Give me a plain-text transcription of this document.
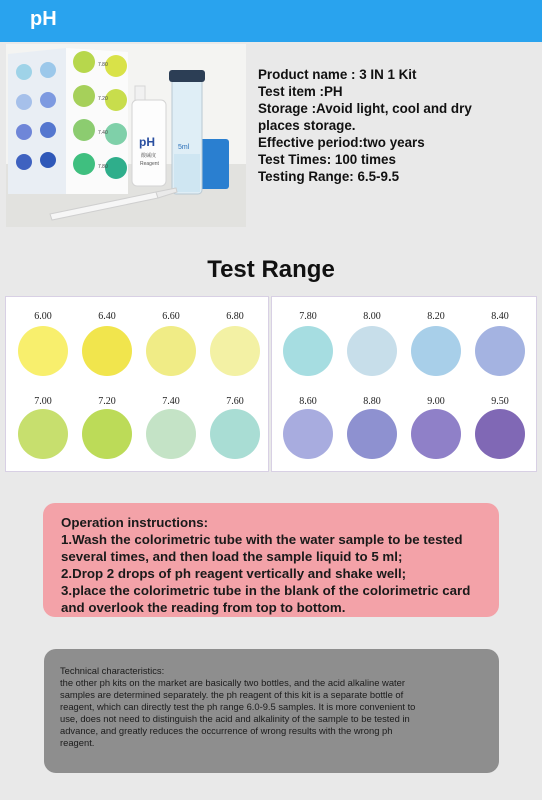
pH
7.80
7.20
7.40
7.80
5ml
pH
酸碱度
Reagent
Product name : 3 IN 1 Kit
Test item :PH
Storage :Avoid light, cool and dry
places storage.
Effective period:two years
Test Times: 100 times
Testing Range: 6.5-9.5
Test Range
6.00	6.40	6.60	6.80
7.00	7.20	7.40	7.60
7.80	8.00	8.20	8.40
8.60	8.80	9.00	9.50
Operation instructions:
1.Wash the colorimetric tube with the water sample to be tested
several times, and then load the sample liquid to 5 ml;
2.Drop 2 drops of ph reagent vertically and shake well;
3.place the colorimetric tube in the blank of the colorimetric card
and overlook the reading from top to bottom.
Technical characteristics:
the other ph kits on the market are basically two bottles, and the acid alkaline water
samples are determined separately. the ph reagent of this kit is a separate bottle of
reagent, which can directly test the ph range 6.0-9.5 samples. It is more convenient to
use, does not need to distinguish the acid and alkalinity of the sample to be tested in
advance, and greatly reduces the occurrence of wrong results with the wrong ph
reagent.
